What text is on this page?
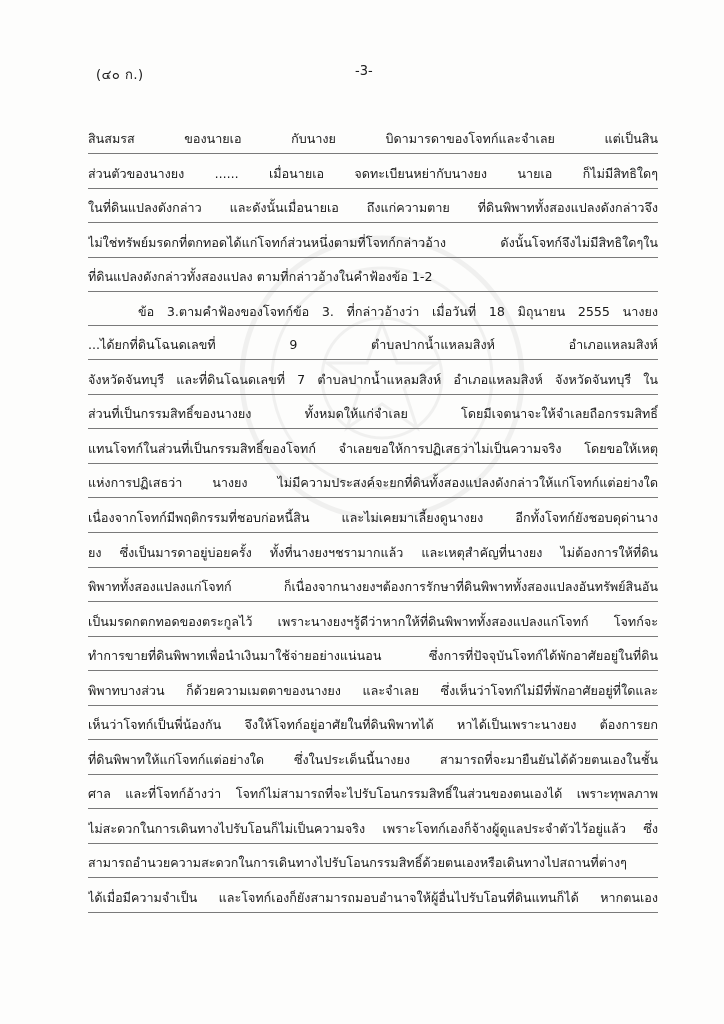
(๔๐ ก.)	-3-
สินสมรส ของนายเอ กับนางย บิดามารดาของโจทก์และจำเลย แต่เป็นสิน
ส่วนตัวของนางยง ...... เมื่อนายเอ จดทะเบียนหย่ากับนางยง นายเอ ก็ไม่มีสิทธิใดๆ
ในที่ดินแปลงดังกล่าว และดังนั้นเมื่อนายเอ ถึงแก่ความตาย ที่ดินพิพาททั้งสองแปลงดังกล่าวจึง
ไม่ใช่ทรัพย์มรดกที่ตกทอดได้แก่โจทก์ส่วนหนึ่งตามที่โจทก์กล่าวอ้าง ดังนั้นโจทก์จึงไม่มีสิทธิใดๆใน
ที่ดินแปลงดังกล่าวทั้งสองแปลง ตามที่กล่าวอ้างในคำฟ้องข้อ 1-2
ข้อ 3.ตามคำฟ้องของโจทก์ข้อ 3. ที่กล่าวอ้างว่า เมื่อวันที่ 18 มิถุนายน 2555 นางยง
...ได้ยกที่ดินโฉนดเลขที่ 9 ตำบลปากน้ำแหลมสิงห์ อำเภอแหลมสิงห์
จังหวัดจันทบุรี และที่ดินโฉนดเลขที่ 7 ตำบลปากน้ำแหลมสิงห์ อำเภอแหลมสิงห์ จังหวัดจันทบุรี ใน
ส่วนที่เป็นกรรมสิทธิ์ของนางยง ทั้งหมดให้แก่จำเลย โดยมีเจตนาจะให้จำเลยถือกรรมสิทธิ์
แทนโจทก์ในส่วนที่เป็นกรรมสิทธิ์ของโจทก์ จำเลยขอให้การปฏิเสธว่าไม่เป็นความจริง โดยขอให้เหตุ
แห่งการปฏิเสธว่า นางยง ไม่มีความประสงค์จะยกที่ดินทั้งสองแปลงดังกล่าวให้แก่โจทก์แต่อย่างใด
เนื่องจากโจทก์มีพฤติกรรมที่ชอบก่อหนี้สิน และไม่เคยมาเลี้ยงดูนางยง อีกทั้งโจทก์ยังชอบดุด่านาง
ยง ซึ่งเป็นมารดาอยู่บ่อยครั้ง ทั้งที่นางยงฯชรามากแล้ว และเหตุสำคัญที่นางยง ไม่ต้องการให้ที่ดิน
พิพาททั้งสองแปลงแก่โจทก์ ก็เนื่องจากนางยงฯต้องการรักษาที่ดินพิพาททั้งสองแปลงอันทรัพย์สินอัน
เป็นมรดกตกทอดของตระกูลไว้ เพราะนางยงฯรู้ดีว่าหากให้ที่ดินพิพาททั้งสองแปลงแก่โจทก์ โจทก์จะ
ทำการขายที่ดินพิพาทเพื่อนำเงินมาใช้จ่ายอย่างแน่นอน ซึ่งการที่ปัจจุบันโจทก์ได้พักอาศัยอยู่ในที่ดิน
พิพาทบางส่วน ก็ด้วยความเมตตาของนางยง และจำเลย ซึ่งเห็นว่าโจทก์ไม่มีที่พักอาศัยอยู่ที่ใดและ
เห็นว่าโจทก์เป็นพี่น้องกัน จึงให้โจทก์อยู่อาศัยในที่ดินพิพาทได้ หาได้เป็นเพราะนางยง ต้องการยก
ที่ดินพิพาทให้แก่โจทก์แต่อย่างใด ซึ่งในประเด็นนี้นางยง สามารถที่จะมายืนยันได้ด้วยตนเองในชั้น
ศาล และที่โจทก์อ้างว่า โจทก์ไม่สามารถที่จะไปรับโอนกรรมสิทธิ์ในส่วนของตนเองได้ เพราะทุพลภาพ
ไม่สะดวกในการเดินทางไปรับโอนก็ไม่เป็นความจริง เพราะโจทก์เองก็จ้างผู้ดูแลประจำตัวไว้อยู่แล้ว ซึ่ง
สามารถอำนวยความสะดวกในการเดินทางไปรับโอนกรรมสิทธิ์ด้วยตนเองหรือเดินทางไปสถานที่ต่างๆ
ได้เมื่อมีความจำเป็น และโจทก์เองก็ยังสามารถมอบอำนาจให้ผู้อื่นไปรับโอนที่ดินแทนก็ได้ หากตนเอง
